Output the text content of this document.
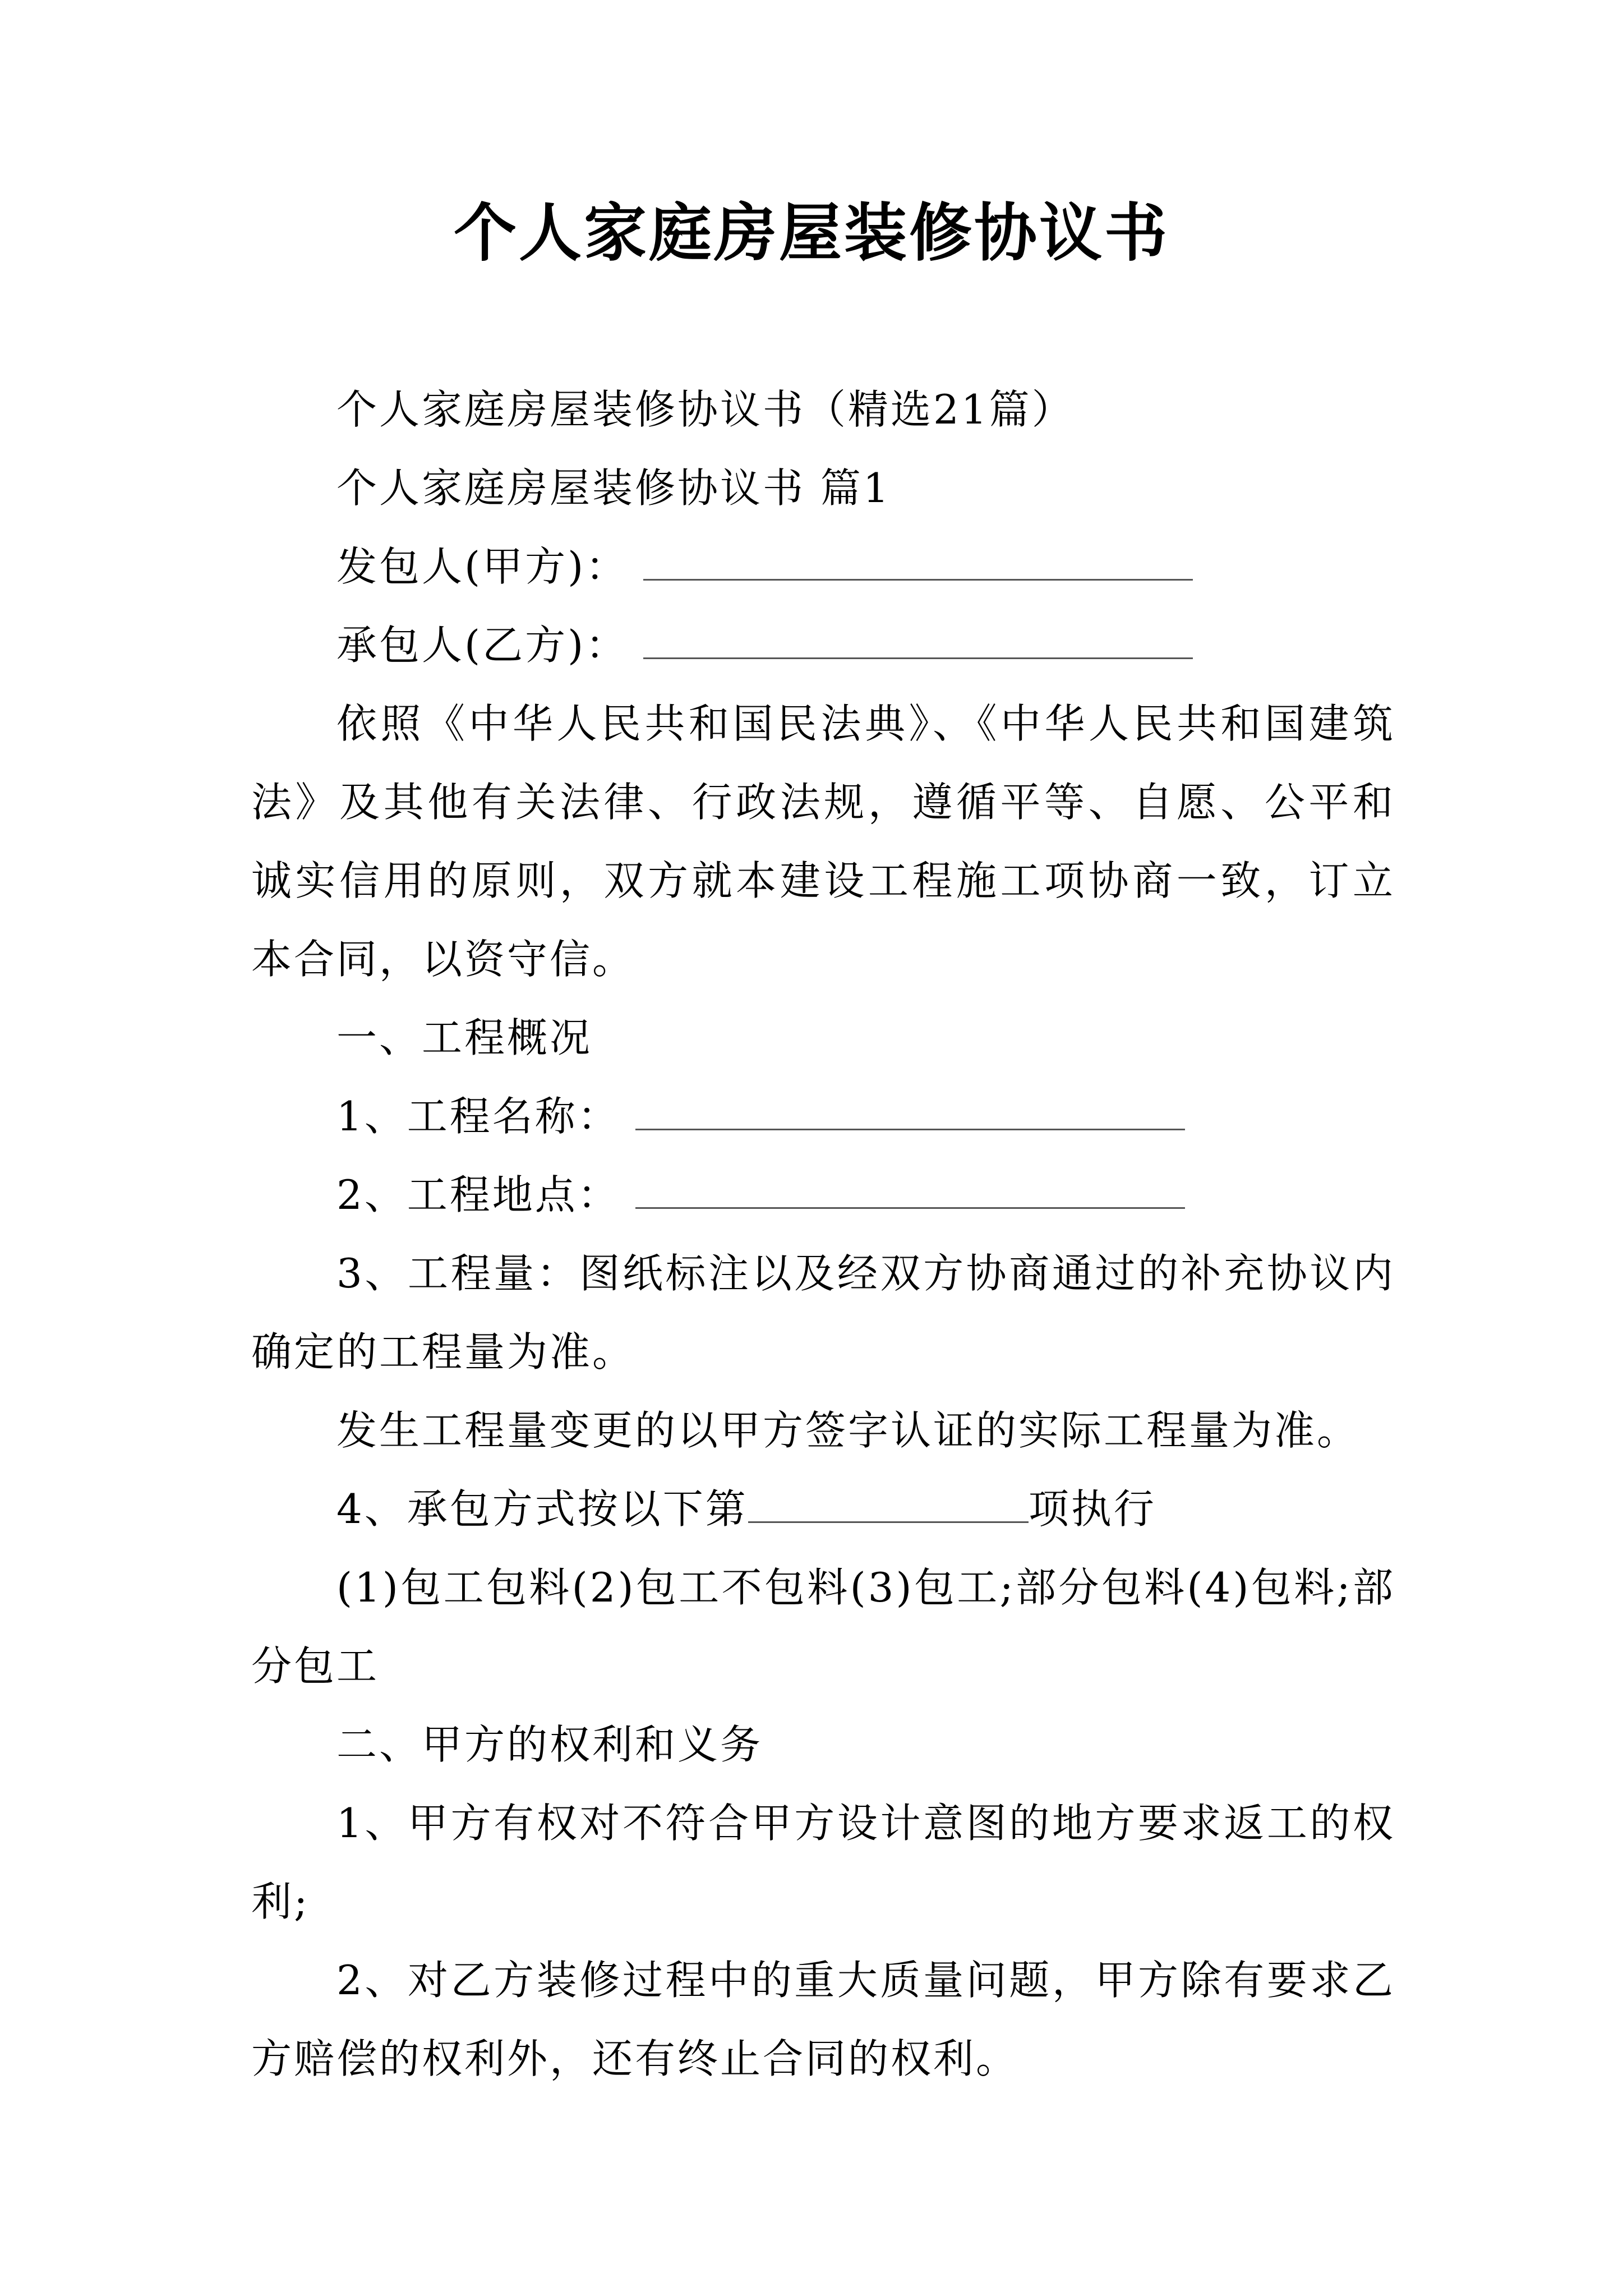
个人家庭房屋装修协议书

个人家庭房屋装修协议书（精选21篇）

个人家庭房屋装修协议书 篇1

发包人(甲方)：

承包人(乙方)：

依照《中华人民共和国民法典》、《中华人民共和国建筑法》及其他有关法律、行政法规，遵循平等、自愿、公平和诚实信用的原则，双方就本建设工程施工项协商一致，订立本合同，以资守信。

一、工程概况

1、工程名称：

2、工程地点：

3、工程量：图纸标注以及经双方协商通过的补充协议内确定的工程量为准。

发生工程量变更的以甲方签字认证的实际工程量为准。

4、承包方式按以下第	项执行

(1)包工包料(2)包工不包料(3)包工;部分包料(4)包料;部分包工

二、甲方的权利和义务

1、甲方有权对不符合甲方设计意图的地方要求返工的权利;

2、对乙方装修过程中的重大质量问题，甲方除有要求乙方赔偿的权利外，还有终止合同的权利。
